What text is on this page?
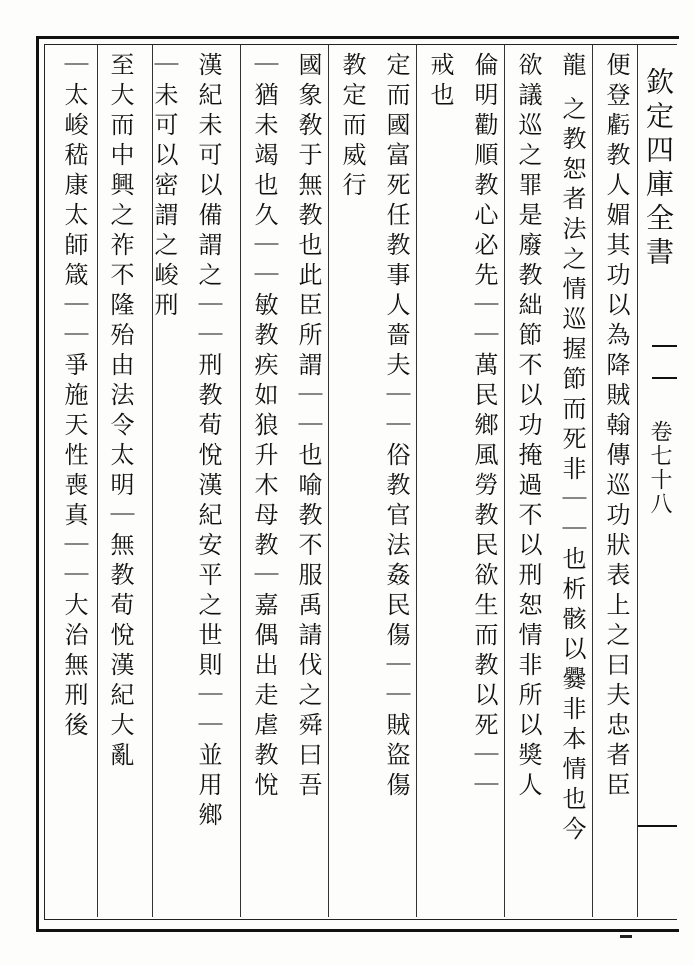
欽定四庫全書
卷七十八
便登虧教人媚其功以為降賊翰傳巡功狀表上之曰夫忠者臣
龍
之教恕者法之情巡握節而死非｜｜也析骸以爨非本情也今
欲議巡之罪是廢教絀節不以功掩過不以刑恕情非所以獎人
倫明勸順教心必先｜｜萬民鄉風勞教民欲生而教以死｜｜
戒也
定而國富死任教事人嗇夫｜｜俗教官法姦民傷｜｜賊盜傷
教定而威行
國象敎于無教也此臣所謂｜｜也喻教不服禹請伐之舜曰吾
｜猶未竭也久｜｜敏教疾如狼升木母教｜嘉偶出走虐教悅
漢紀未可以備謂之｜｜刑教荀悅漢紀安平之世則｜｜並用鄉
｜未可以密謂之峻刑
至大而中興之祚不隆殆由法令太明｜無教荀悅漢紀大亂
｜太峻嵇康太師箴｜｜爭施天性喪真｜｜大治無刑後
